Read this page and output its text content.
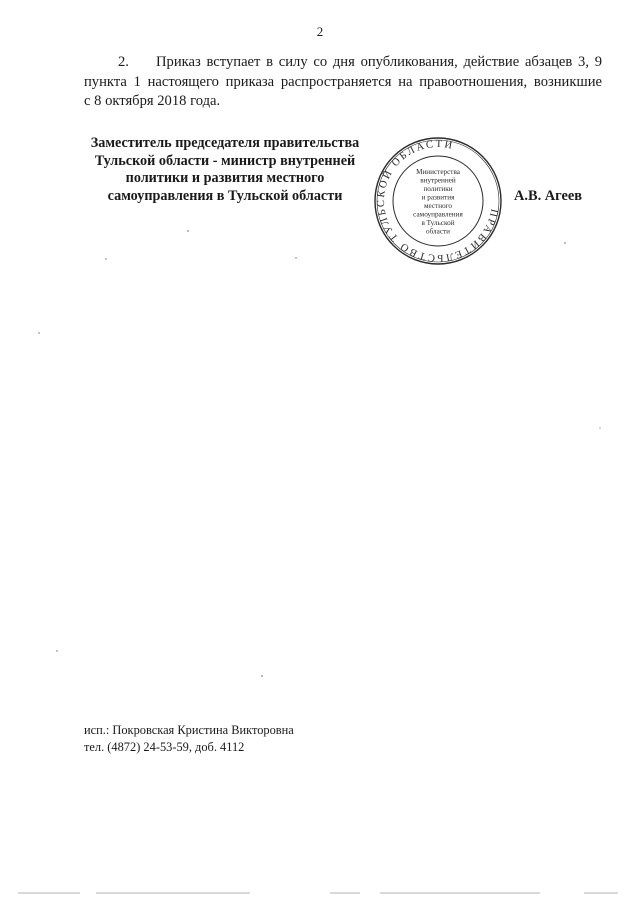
2
2. Приказ вступает в силу со дня опубликования, действие абзацев 3, 9
пункта 1 настоящего приказа распространяется на правоотношения, возникшие
с 8 октября 2018 года.
Заместитель председателя правительства
Тульской области - министр внутренней
политики и развития местного
самоуправления в Тульской области
ПРАВИТЕЛЬСТВО ТУЛЬСКОЙ ОБЛАСТИ
Министерства
внутренней
политики
и развития
местного
самоуправления
в Тульской
области
А.В. Агеев
исп.: Покровская Кристина Викторовна
тел. (4872) 24-53-59, доб. 4112
